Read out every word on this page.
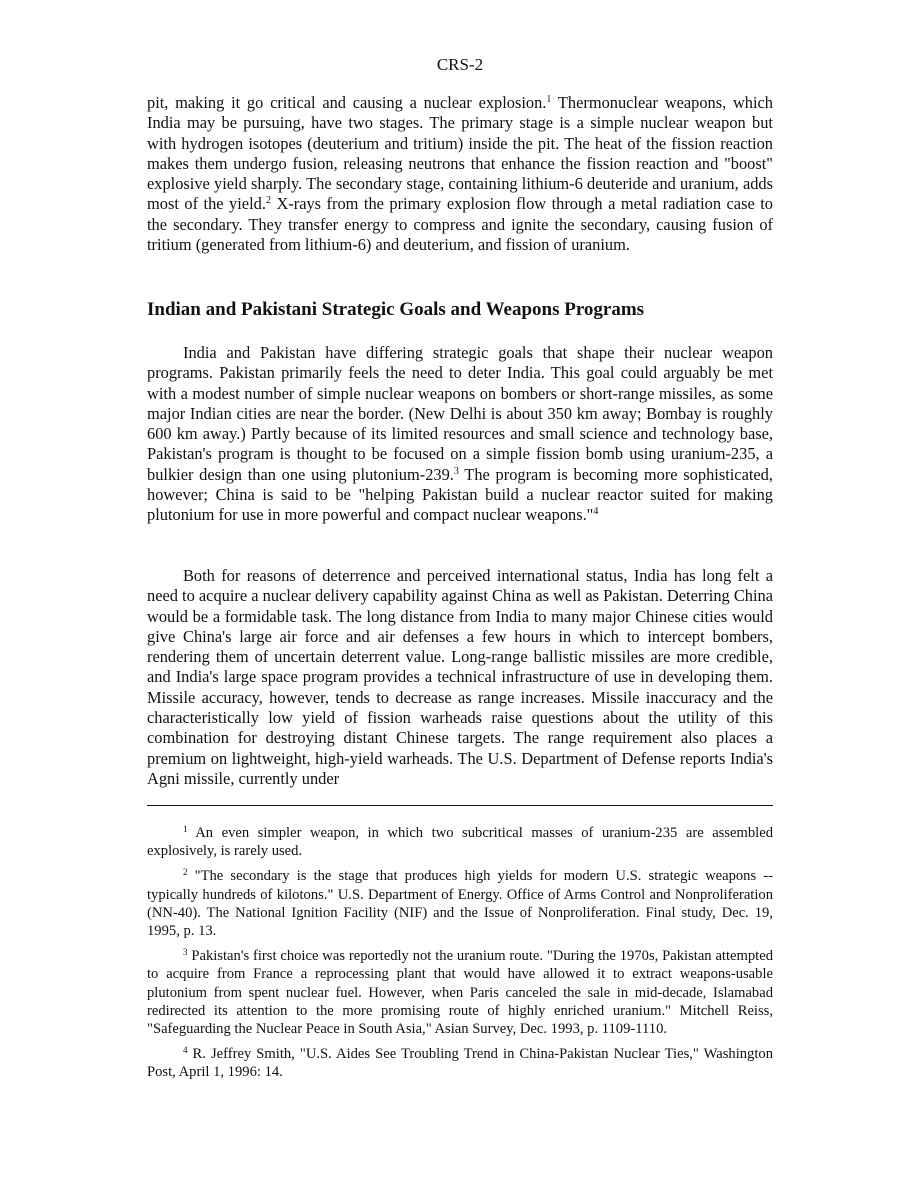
CRS-2

pit, making it go critical and causing a nuclear explosion.$^1$ Thermonuclear weapons, which India may be pursuing, have two stages. The primary stage is a simple nuclear weapon but with hydrogen isotopes (deuterium and tritium) inside the pit. The heat of the fission reaction makes them undergo fusion, releasing neutrons that enhance the fission reaction and "boost" explosive yield sharply. The secondary stage, containing lithium-6 deuteride and uranium, adds most of the yield.$^2$ X-rays from the primary explosion flow through a metal radiation case to the secondary. They transfer energy to compress and ignite the secondary, causing fusion of tritium (generated from lithium-6) and deuterium, and fission of uranium.

Indian and Pakistani Strategic Goals and Weapons Programs

India and Pakistan have differing strategic goals that shape their nuclear weapon programs. Pakistan primarily feels the need to deter India. This goal could arguably be met with a modest number of simple nuclear weapons on bombers or short-range missiles, as some major Indian cities are near the border. (New Delhi is about 350 km away; Bombay is roughly 600 km away.) Partly because of its limited resources and small science and technology base, Pakistan's program is thought to be focused on a simple fission bomb using uranium-235, a bulkier design than one using plutonium-239.$^3$ The program is becoming more sophisticated, however; China is said to be "helping Pakistan build a nuclear reactor suited for making plutonium for use in more powerful and compact nuclear weapons."$^4$

Both for reasons of deterrence and perceived international status, India has long felt a need to acquire a nuclear delivery capability against China as well as Pakistan. Deterring China would be a formidable task. The long distance from India to many major Chinese cities would give China's large air force and air defenses a few hours in which to intercept bombers, rendering them of uncertain deterrent value. Long-range ballistic missiles are more credible, and India's large space program provides a technical infrastructure of use in developing them. Missile accuracy, however, tends to decrease as range increases. Missile inaccuracy and the characteristically low yield of fission warheads raise questions about the utility of this combination for destroying distant Chinese targets. The range requirement also places a premium on lightweight, high-yield warheads. The U.S. Department of Defense reports India's Agni missile, currently under

$^1$ An even simpler weapon, in which two subcritical masses of uranium-235 are assembled explosively, is rarely used.

$^2$ "The secondary is the stage that produces high yields for modern U.S. strategic weapons -- typically hundreds of kilotons." U.S. Department of Energy. Office of Arms Control and Nonproliferation (NN-40). The National Ignition Facility (NIF) and the Issue of Nonproliferation. Final study, Dec. 19, 1995, p. 13.

$^3$ Pakistan's first choice was reportedly not the uranium route. "During the 1970s, Pakistan attempted to acquire from France a reprocessing plant that would have allowed it to extract weapons-usable plutonium from spent nuclear fuel. However, when Paris canceled the sale in mid-decade, Islamabad redirected its attention to the more promising route of highly enriched uranium." Mitchell Reiss, "Safeguarding the Nuclear Peace in South Asia," Asian Survey, Dec. 1993, p. 1109-1110.

$^4$ R. Jeffrey Smith, "U.S. Aides See Troubling Trend in China-Pakistan Nuclear Ties," Washington Post, April 1, 1996: 14.
